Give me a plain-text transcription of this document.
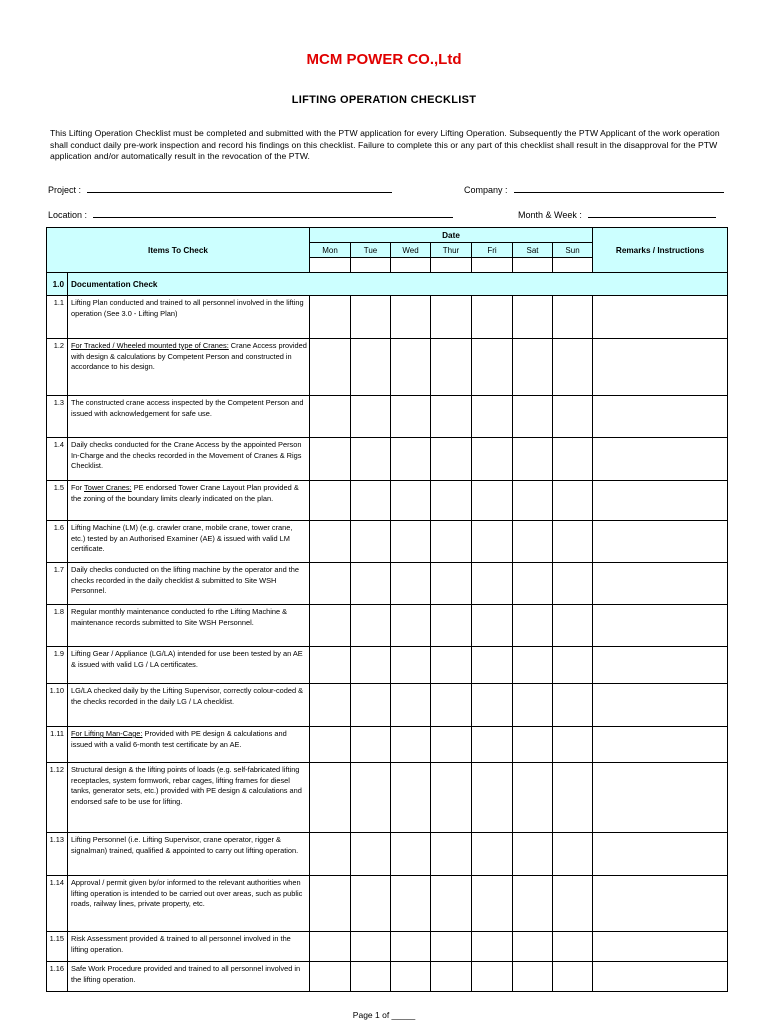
MCM POWER CO.,Ltd
LIFTING OPERATION CHECKLIST
This Lifting Operation Checklist must be completed and submitted with the PTW application for every Lifting Operation. Subsequently the PTW Applicant of the work operation shall conduct daily pre-work inspection and record his findings on this checklist. Failure to complete this or any part of this checklist shall result in the disapproval for the PTW application and/or automatically result in the revocation of the PTW.
Project :	Company :
Location :	Month & Week :
Items To Check		Date							Remarks / Instructions
		Mon	Tue	Wed	Thur	Fri	Sat	Sun	

1.0	Documentation Check								
1.1	Lifting Plan conducted and trained to all personnel involved in the lifting operation (See 3.0 - Lifting Plan)								
1.2	For Tracked / Wheeled mounted type of Cranes: Crane Access provided with design & calculations by Competent Person and constructed in accordance to his design.								
1.3	The constructed crane access inspected by the Competent Person and issued with acknowledgement for safe use.								
1.4	Daily checks conducted for the Crane Access by the appointed Person In-Charge and the checks recorded in the Movement of Cranes & Rigs Checklist.								
1.5	For Tower Cranes: PE endorsed Tower Crane Layout Plan provided & the zoning of the boundary limits clearly indicated on the plan.								
1.6	Lifting Machine (LM) (e.g. crawler crane, mobile crane, tower crane, etc.) tested by an Authorised Examiner (AE) & issued with valid LM certificate.								
1.7	Daily checks conducted on the lifting machine by the operator and the checks recorded in the daily checklist & submitted to Site WSH Personnel.								
1.8	Regular monthly maintenance conducted fo rthe Lifting Machine & maintenance records submitted to Site WSH Personnel.								
1.9	Lifting Gear / Appliance (LG/LA) intended for use been tested by an AE & issued with valid LG / LA certificates.								
1.10	LG/LA checked daily by the Lifting Supervisor, correctly colour-coded & the checks recorded in the daily LG / LA checklist.								
1.11	For Lifting Man-Cage: Provided with PE design & calculations and issued with a valid 6-month test certificate by an AE.								
1.12	Structural design & the lifting points of loads (e.g. self-fabricated lifting receptacles, system formwork, rebar cages, lifting frames for diesel tanks, generator sets, etc.) provided with PE design & calculations and endorsed safe to be use for lifting.								
1.13	Lifting Personnel (i.e. Lifting Supervisor, crane operator, rigger & signalman) trained, qualified & appointed to carry out lifting operation.								
1.14	Approval / permit given by/or informed to the relevant authorities when lifting operation is intended to be carried out over areas, such as public roads, railway lines, private property, etc.								
1.15	Risk Assessment provided & trained to all personnel involved in the lifting operation.								
1.16	Safe Work Procedure provided and trained to all personnel involved in the lifting operation.								
Page 1 of _____
